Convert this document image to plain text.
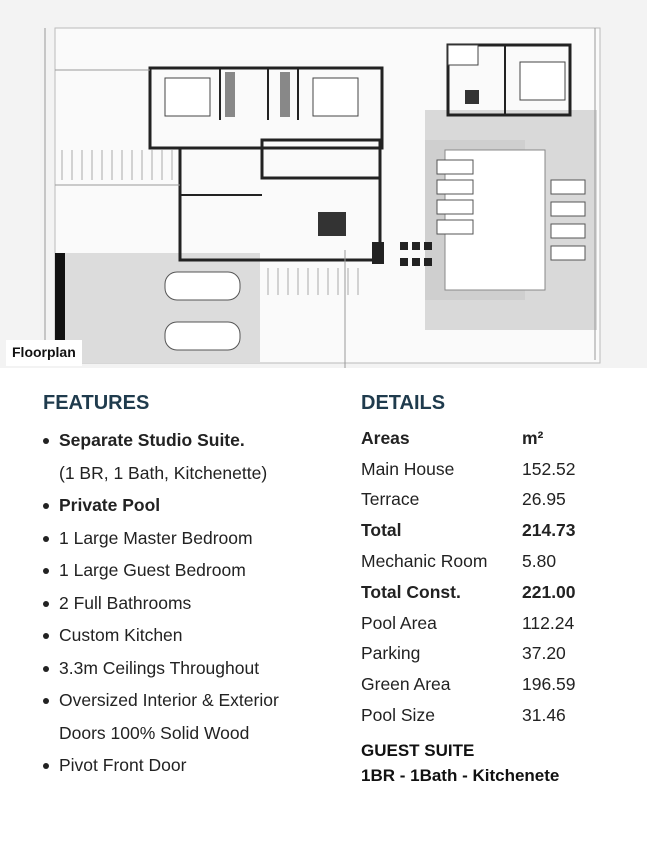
Floorplan
FEATURES
Separate Studio Suite.
(1 BR, 1 Bath, Kitchenette)
Private Pool
1 Large Master Bedroom
1 Large Guest Bedroom
2 Full Bathrooms
Custom Kitchen
3.3m Ceilings Throughout
Oversized Interior & Exterior
Doors 100% Solid Wood
Pivot Front Door
DETAILS
Areas	m²
Main House	152.52
Terrace	26.95
Total	214.73
Mechanic Room	5.80
Total Const.	221.00
Pool Area	112.24
Parking	37.20
Green Area	196.59
Pool Size	31.46
GUEST SUITE
1BR - 1Bath - Kitchenete
